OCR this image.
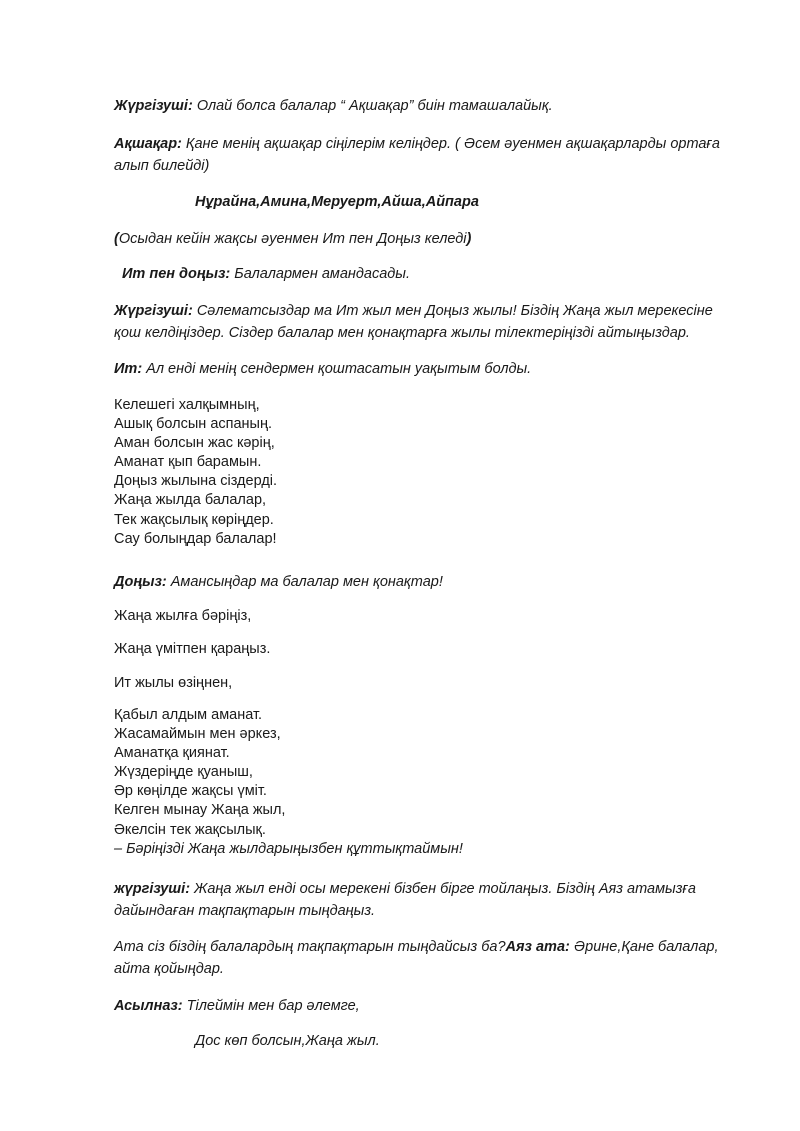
Жүргізуші: Олай болса балалар “ Ақшақар” биін тамашалайық.
Ақшақар: Қане менің ақшақар сіңілерім келіңдер. ( Әсем әуенмен ақшақарларды ортаға
алып билейді)
Нұрайна,Амина,Меруерт,Айша,Айпара
(Осыдан кейін жақсы әуенмен Ит пен Доңыз келеді)
Ит пен доңыз: Балалармен амандасады.
Жүргізуші: Сәлематсыздар ма Ит жыл мен Доңыз жылы! Біздің Жаңа жыл мерекесіне
қош келдіңіздер. Сіздер балалар мен қонақтарға жылы тілектеріңізді айтыңыздар.
Ит: Ал енді менің сендермен қоштасатын уақытым болды.
Келешегі халқымның,
Ашық болсын аспаның.
Аман болсын жас кәрің,
Аманат қып барамын.
Доңыз жылына сіздерді.
Жаңа жылда балалар,
Тек жақсылық көріңдер.
Сау болыңдар балалар!
Доңыз: Амансыңдар ма балалар мен қонақтар!
Жаңа жылға бәріңіз,
Жаңа үмітпен қараңыз.
Ит жылы өзіңнен,
Қабыл алдым аманат.
Жасамаймын мен әркез,
Аманатқа қиянат.
Жүздеріңде қуаныш,
Әр көңілде жақсы үміт.
Келген мынау Жаңа жыл,
Әкелсін тек жақсылық.
– Бәріңізді Жаңа жылдарыңызбен құттықтаймын!
жүргізуші: Жаңа жыл енді осы мерекені бізбен бірге тойлаңыз. Біздің Аяз атамызға
дайындаған тақпақтарын тыңдаңыз.
Ата сіз біздің балалардың тақпақтарын тыңдайсыз ба?Аяз ата: Әрине,Қане балалар,
айта қойыңдар.
Асылназ: Тілеймін мен бар әлемге,
Дос көп болсын,Жаңа жыл.
